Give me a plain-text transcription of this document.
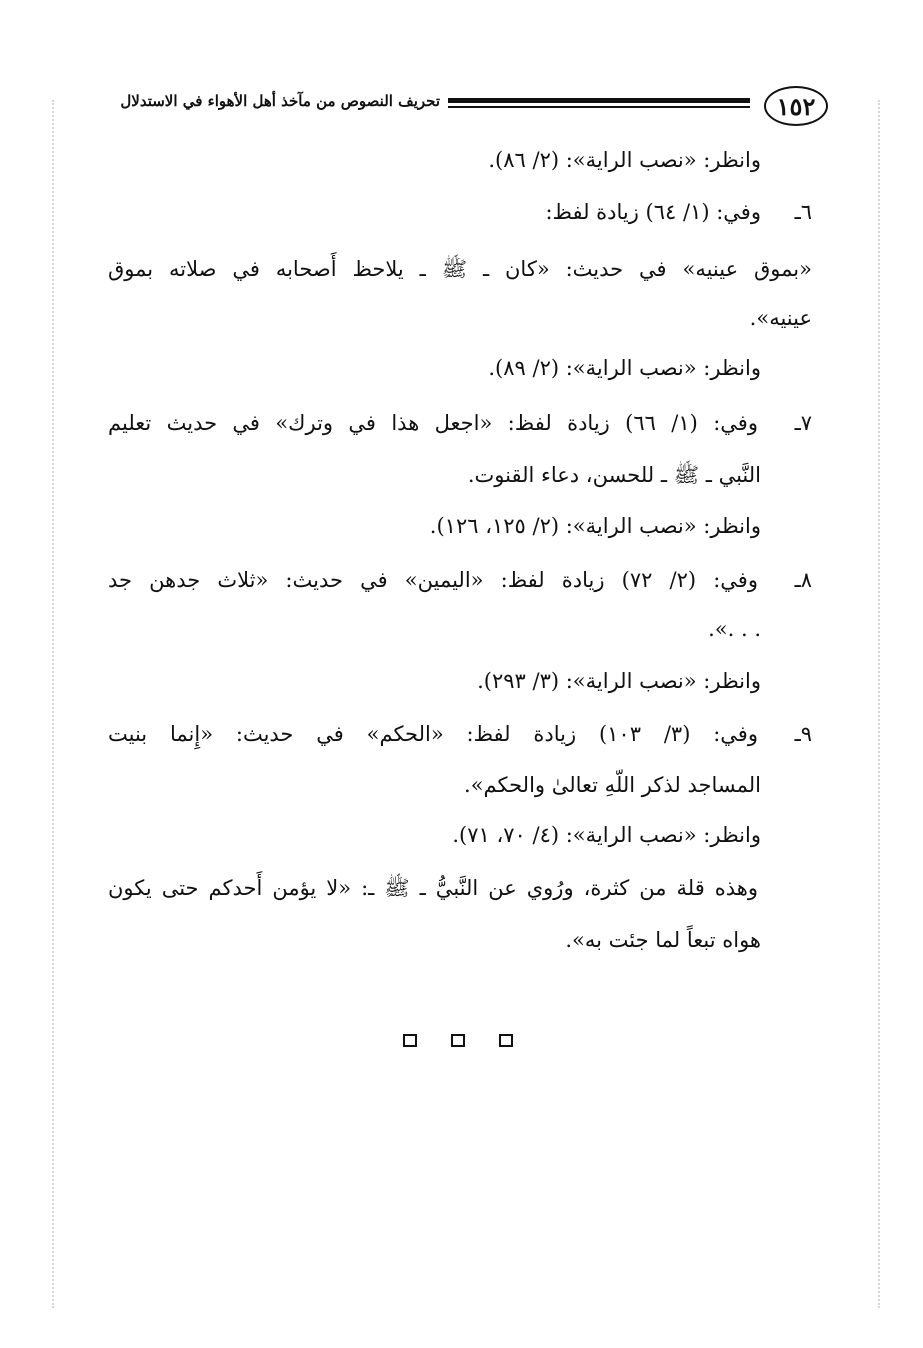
١٥٢
تحريف النصوص من مآخذ أهل الأهواء في الاستدلال
وانظر: «نصب الراية»: (٢/ ٨٦).
٦ـ
وفي: (١/ ٦٤) زيادة لفظ:
«بموق عينيه» في حديث: «كان ـ ﷺ ـ يلاحظ أَصحابه في صلاته بموق
عينيه».
وانظر: «نصب الراية»: (٢/ ٨٩).
٧ـ
وفي: (١/ ٦٦) زيادة لفظ: «اجعل هذا في وترك» في حديث تعليم
النَّبي ـ ﷺ ـ للحسن، دعاء القنوت.
وانظر: «نصب الراية»: (٢/ ١٢٥، ١٢٦).
٨ـ
وفي: (٢/ ٧٢) زيادة لفظ: «اليمين» في حديث: «ثلاث جدهن جد
. . .».
وانظر: «نصب الراية»: (٣/ ٢٩٣).
٩ـ
وفي: (٣/ ١٠٣) زيادة لفظ: «الحكم» في حديث: «إِنما بنيت
المساجد لذكر اللّهِ تعالىٰ والحكم».
وانظر: «نصب الراية»: (٤/ ٧٠، ٧١).
وهذه قلة من كثرة، ورُوي عن النَّبيُّ ـ ﷺ ـ: «لا يؤمن أَحدكم حتى يكون
هواه تبعاً لما جئت به».
